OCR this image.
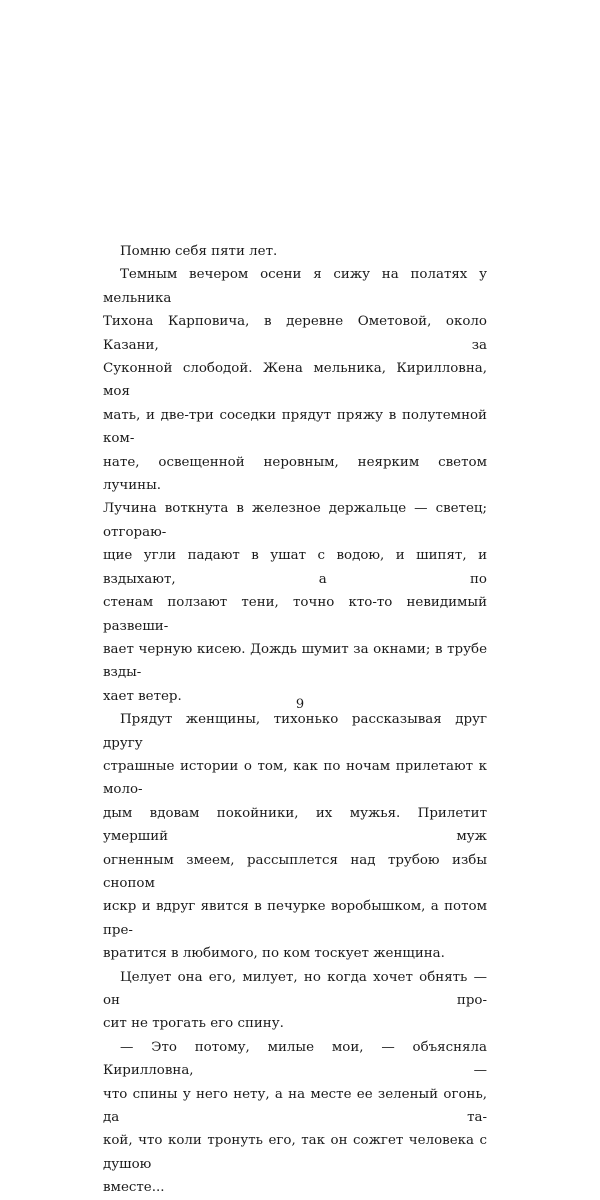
Помню себя пяти лет.

Темным вечером осени я сижу на полатях у мельника
Тихона Карповича, в деревне Ометовой, около Казани, за
Суконной слободой. Жена мельника, Кирилловна, моя
мать, и две-три соседки прядут пряжу в полутемной ком-
нате, освещенной неровным, неярким светом лучины.
Лучина воткнута в железное держальце — светец; отгораю-
щие угли падают в ушат с водою, и шипят, и вздыхают, а по
стенам ползают тени, точно кто-то невидимый развеши-
вает черную кисею. Дождь шумит за окнами; в трубе взды-
хает ветер.

Прядут женщины, тихонько рассказывая друг другу
страшные истории о том, как по ночам прилетают к моло-
дым вдовам покойники, их мужья. Прилетит умерший муж
огненным змеем, рассыплется над трубою избы снопом
искр и вдруг явится в печурке воробышком, а потом пре-
вратится в любимого, по ком тоскует женщина.

Целует она его, милует, но когда хочет обнять — он про-
сит не трогать его спину.

— Это потому, милые мои, — объясняла Кирилловна, —
что спины у него нету, а на месте ее зеленый огонь, да та-
кой, что коли тронуть его, так он сожгет человека с душою
вместе...

9
